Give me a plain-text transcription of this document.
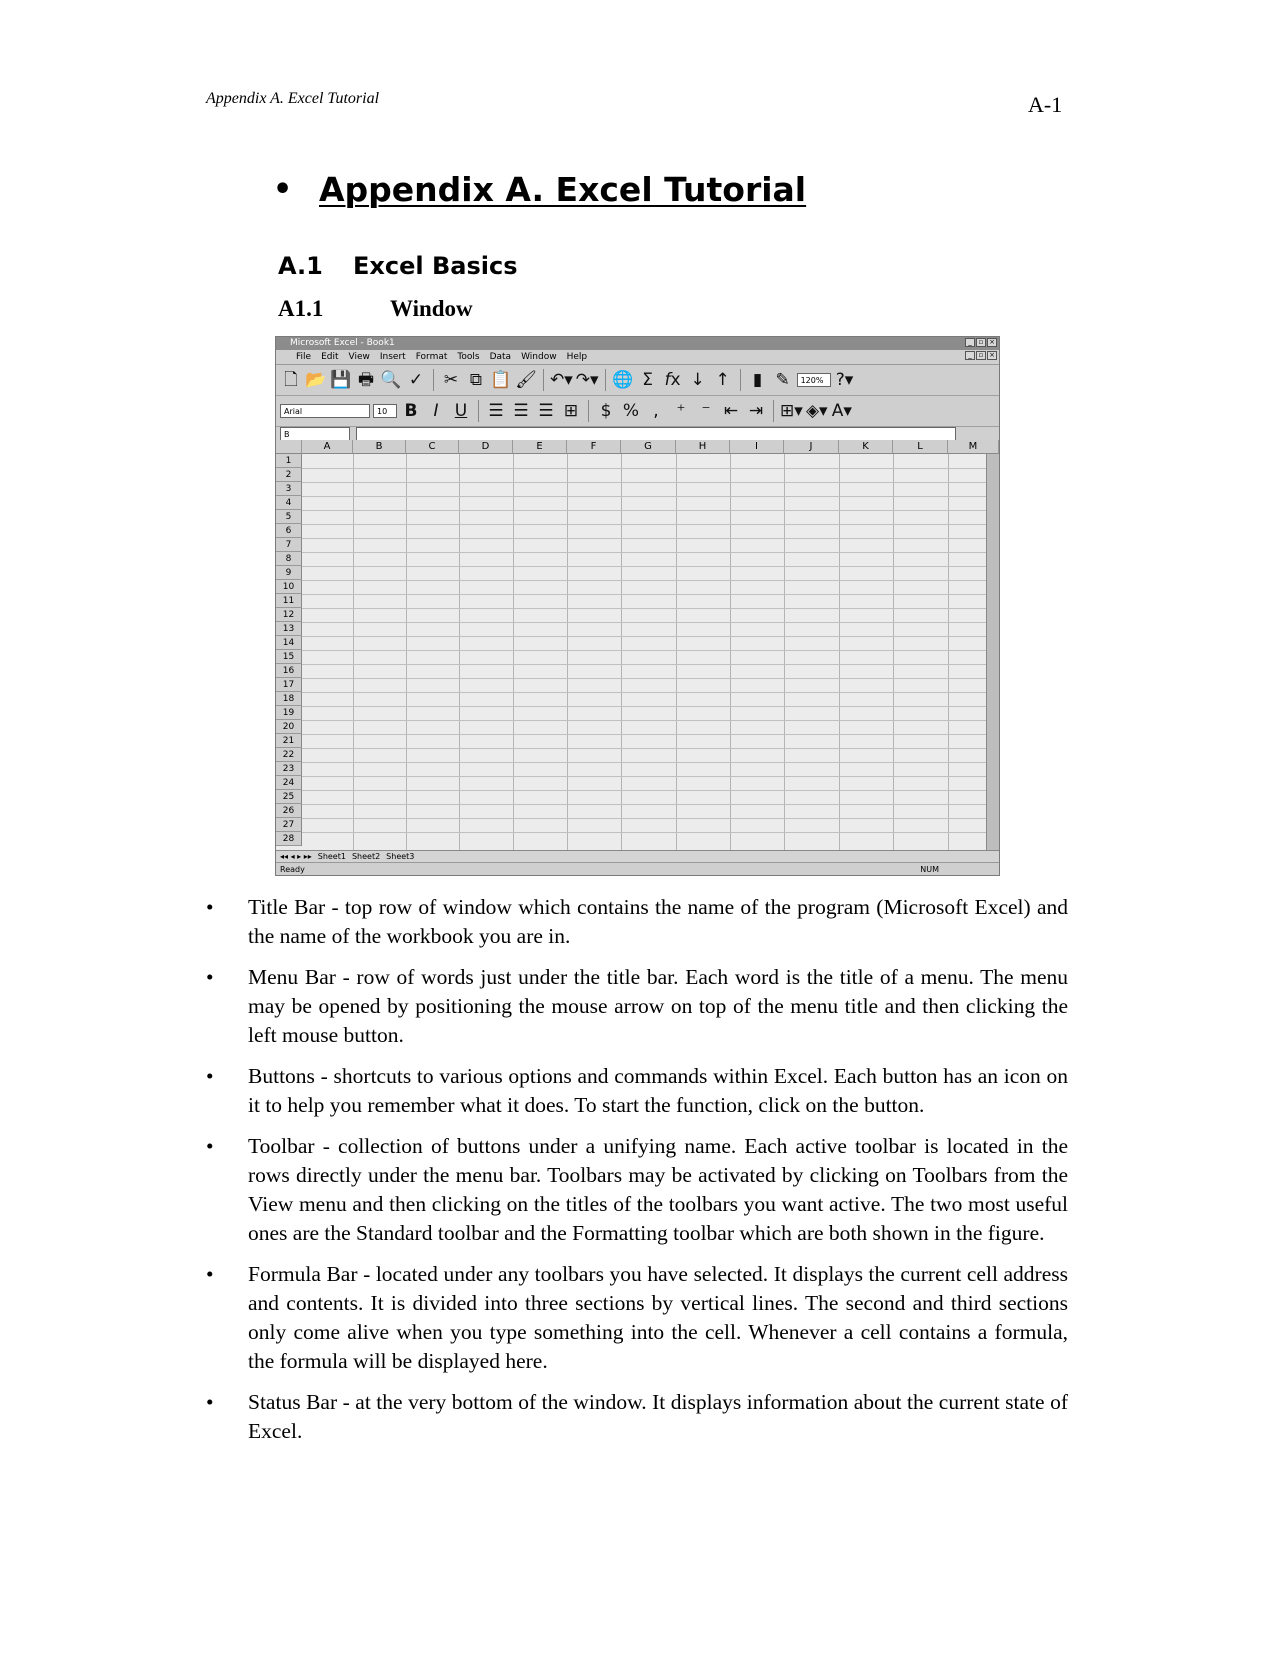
Appendix A. Excel Tutorial	A-1
• Appendix A. Excel Tutorial
A.1 Excel Basics
A1.1	Window
Microsoft Excel - Book1	_ ▫ ×
File Edit View Insert Format Tools Data Window Help	_ ▫ ×
🗋 📂 💾 🖶 🔍 ✓ ✂ ⧉ 📋 🖌 ↶▾ ↷▾ 🌐 Σ fx ↓ ↑	▮ ✎	120% ?▾
Arial	10	B I U ☰ ☰ ☰ ⊞	$ % ,	⁺ ⁻ ⇤ ⇥ ⊞▾ ◈▾ A▾
B
A	B	C	D	E	F	G	H	I	J	K	L	M
1
2
3
4
5
6
7
8
9
10
11
12
13
14
15
16
17
18
19
20
21
22
23
24
25
26
27
28
◂◂ ◂ ▸ ▸▸ Sheet1 Sheet2 Sheet3
Ready	NUM
• Title Bar - top row of window which contains the name of the program (Microsoft Excel) and the name of the workbook you are in.
• Menu Bar - row of words just under the title bar. Each word is the title of a menu. The menu may be opened by positioning the mouse arrow on top of the menu title and then clicking the left mouse button.
• Buttons - shortcuts to various options and commands within Excel. Each button has an icon on it to help you remember what it does. To start the function, click on the button.
• Toolbar - collection of buttons under a unifying name. Each active toolbar is located in the rows directly under the menu bar. Toolbars may be activated by clicking on Toolbars from the View menu and then clicking on the titles of the toolbars you want active. The two most useful ones are the Standard toolbar and the Formatting toolbar which are both shown in the figure.
• Formula Bar - located under any toolbars you have selected. It displays the current cell address and contents. It is divided into three sections by vertical lines. The second and third sections only come alive when you type something into the cell. Whenever a cell contains a formula, the formula will be displayed here.
• Status Bar - at the very bottom of the window. It displays information about the current state of Excel.
